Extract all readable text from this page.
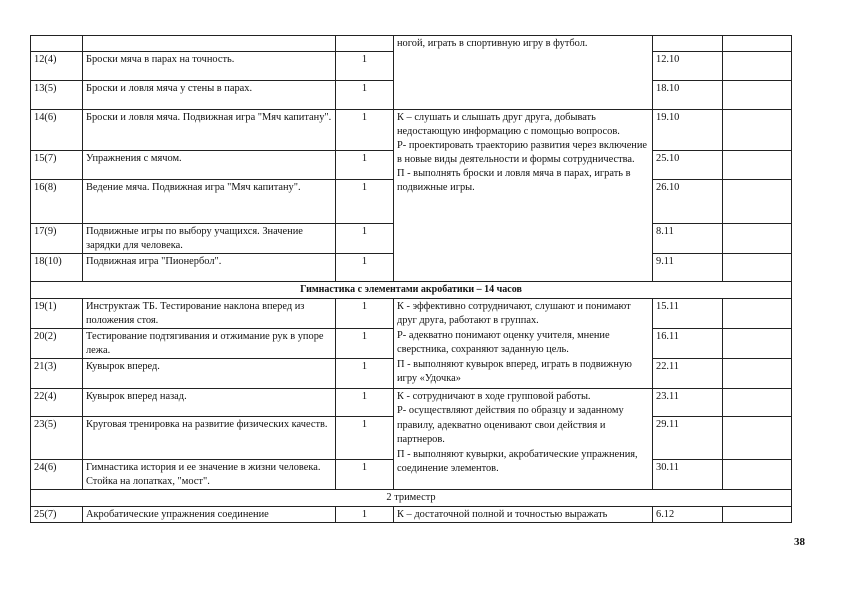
			ногой, играть в спортивную игру в футбол.		
12(4)	Броски мяча в парах на точность.	1		12.10	
13(5)	Броски и ловля мяча у стены в парах.	1		18.10	
14(6)	Броски и ловля мяча. Подвижная игра "Мяч капитану".	1	К – слушать и слышать друг друга, добывать недостающую информацию с помощью вопросов.
Р- проектировать траекторию развития через включение в новые виды деятельности и формы сотрудничества.
П - выполнять броски и ловля мяча в парах, играть в подвижные игры.	19.10	
15(7)	Упражнения с мячом.	1		25.10	
16(8)	Ведение мяча. Подвижная игра "Мяч капитану".	1		26.10	
17(9)	Подвижные игры по выбору учащихся. Значение зарядки для человека.	1		8.11	
18(10)	Подвижная игра "Пионербол".	1		9.11	
Гимнастика с элементами акробатики – 14 часов					
19(1)	Инструктаж ТБ. Тестирование наклона вперед из положения стоя.	1	К - эффективно сотрудничают, слушают и понимают друг друга, работают в группах.
Р- адекватно понимают оценку учителя, мнение сверстника, сохраняют заданную цель.
П - выполняют кувырок вперед, играть в подвижную игру «Удочка»	15.11	
20(2)	Тестирование подтягивания и отжимание рук в упоре лежа.	1		16.11	
21(3)	Кувырок вперед.	1		22.11	
22(4)	Кувырок вперед назад.	1	К - сотрудничают в ходе групповой работы.
Р- осуществляют действия по образцу и заданному правилу, адекватно оценивают свои действия и партнеров.
П - выполняют кувырки, акробатические упражнения, соединение элементов.	23.11	
23(5)	Круговая тренировка на развитие физических качеств.	1		29.11	
24(6)	Гимнастика история и ее значение в жизни человека. Стойка на лопатках, "мост".	1		30.11	
2 триместр					
25(7)	Акробатические упражнения соединение	1	К – достаточной полной и точностью выражать	6.12	
38
